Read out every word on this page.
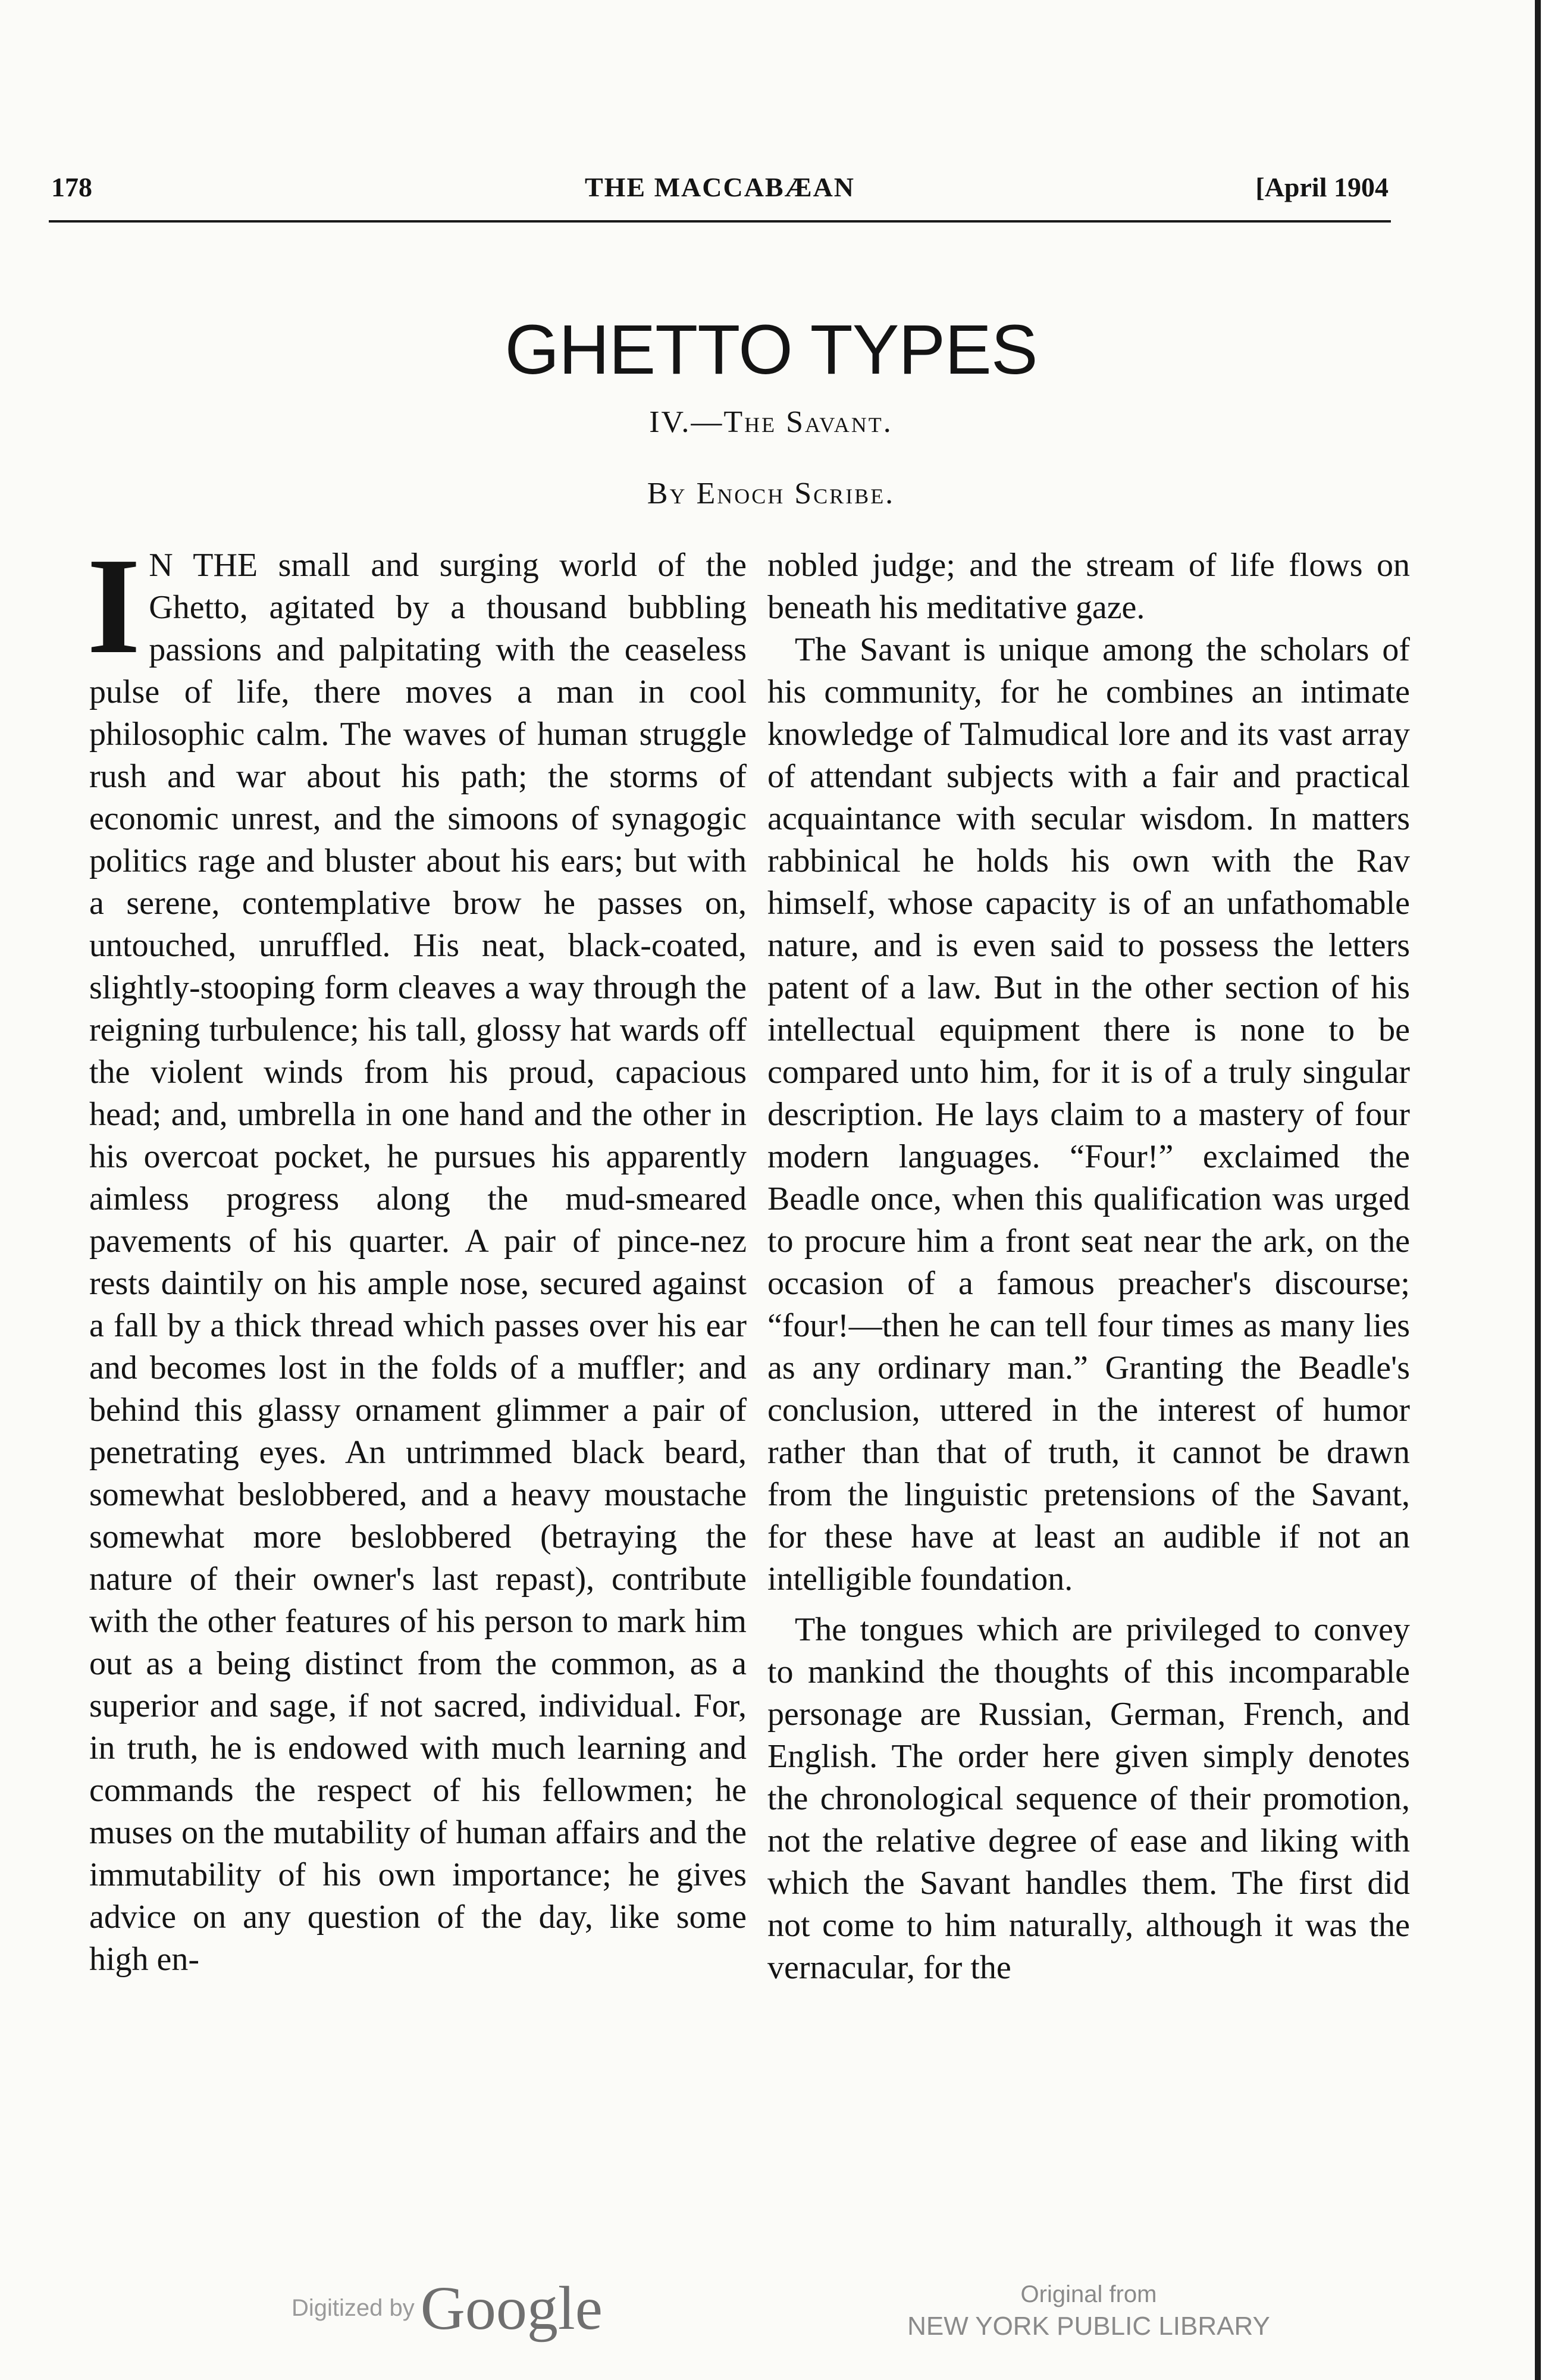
178	THE MACCABÆAN	[April 1904
GHETTO TYPES
IV.—The Savant.
By Enoch Scribe.

I N THE small and surging world of the Ghetto, agitated by a thousand bubbling passions and palpitating with the ceaseless pulse of life, there moves a man in cool philosophic calm. The waves of human struggle rush and war about his path; the storms of economic unrest, and the simoons of synagogic politics rage and bluster about his ears; but with a serene, contemplative brow he passes on, untouched, unruffled. His neat, black-coated, slightly-stooping form cleaves a way through the reigning turbulence; his tall, glossy hat wards off the violent winds from his proud, capacious head; and, umbrella in one hand and the other in his overcoat pocket, he pursues his apparently aimless progress along the mud-smeared pavements of his quarter. A pair of pince-nez rests daintily on his ample nose, secured against a fall by a thick thread which passes over his ear and becomes lost in the folds of a muffler; and behind this glassy ornament glimmer a pair of penetrating eyes. An untrimmed black beard, somewhat beslobbered, and a heavy moustache somewhat more beslobbered (betraying the nature of their owner's last repast), contribute with the other features of his person to mark him out as a being distinct from the common, as a superior and sage, if not sacred, individual. For, in truth, he is endowed with much learning and commands the respect of his fellowmen; he muses on the mutability of human affairs and the immutability of his own importance; he gives advice on any question of the day, like some high en-

nobled judge; and the stream of life flows on beneath his meditative gaze.

The Savant is unique among the scholars of his community, for he combines an intimate knowledge of Talmudical lore and its vast array of attendant subjects with a fair and practical acquaintance with secular wisdom. In matters rabbinical he holds his own with the Rav himself, whose capacity is of an unfathomable nature, and is even said to possess the letters patent of a law. But in the other section of his intellectual equipment there is none to be compared unto him, for it is of a truly singular description. He lays claim to a mastery of four modern languages. “Four!” exclaimed the Beadle once, when this qualification was urged to procure him a front seat near the ark, on the occasion of a famous preacher's discourse; “four!—then he can tell four times as many lies as any ordinary man.” Granting the Beadle's conclusion, uttered in the interest of humor rather than that of truth, it cannot be drawn from the linguistic pretensions of the Savant, for these have at least an audible if not an intelligible foundation.

The tongues which are privileged to convey to mankind the thoughts of this incomparable personage are Russian, German, French, and English. The order here given simply denotes the chronological sequence of their promotion, not the relative degree of ease and liking with which the Savant handles them. The first did not come to him naturally, although it was the vernacular, for the

Digitized byGoogle	Original from
NEW YORK PUBLIC LIBRARY
